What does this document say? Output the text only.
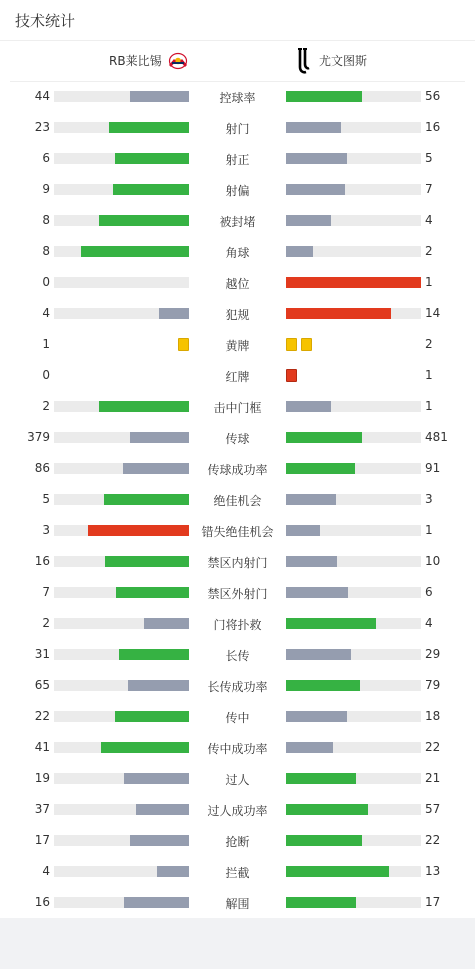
技术统计
RB莱比锡	尤文图斯
44	控球率	56
23	射门	16
6	射正	5
9	射偏	7
8	被封堵	4
8	角球	2
0	越位	1
4	犯规	14
1	黄牌	2
0	红牌	1
2	击中门框	1
379	传球	481
86	传球成功率	91
5	绝佳机会	3
3	错失绝佳机会	1
16	禁区内射门	10
7	禁区外射门	6
2	门将扑救	4
31	长传	29
65	长传成功率	79
22	传中	18
41	传中成功率	22
19	过人	21
37	过人成功率	57
17	抢断	22
4	拦截	13
16	解围	17
